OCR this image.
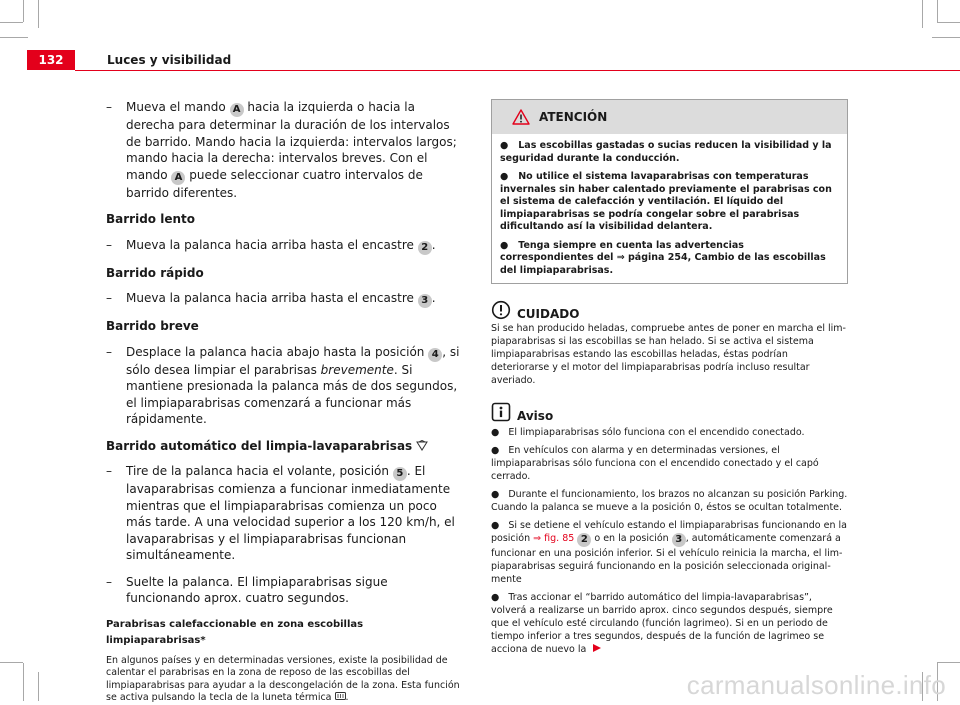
132	Luces y visibilidad
– Mueva el mando A hacia la izquierda o hacia la derecha para determinar la duración de los intervalos de barrido. Mando hacia la izquierda: intervalos largos; mando hacia la derecha: intervalos breves. Con el mando A puede seleccionar cuatro intervalos de barrido diferentes.
Barrido lento
– Mueva la palanca hacia arriba hasta el encastre 2 .
Barrido rápido
– Mueva la palanca hacia arriba hasta el encastre 3 .
Barrido breve
– Desplace la palanca hacia abajo hasta la posición 4 , si sólo desea limpiar el parabrisas brevemente. Si mantiene presionada la palanca más de dos segundos, el limpiaparabrisas comenzará a funcionar más rápidamente.
Barrido automático del limpia-lavaparabrisas
– Tire de la palanca hacia el volante, posición 5 . El lavaparabrisas comienza a funcionar inmediatamente mientras que el limpiaparabrisas comienza un poco más tarde. A una velocidad superior a los 120 km/h, el lavaparabrisas y el limpiaparabrisas funcionan simultáneamente.
– Suelte la palanca. El limpiaparabrisas sigue funcionando aprox. cuatro segundos.
Parabrisas calefaccionable en zona escobillas limpiaparabrisas*
En algunos países y en determinadas versiones, existe la posibilidad de calentar el parabrisas en la zona de reposo de las escobillas del limpiaparabrisas para ayudar a la descongelación de la zona. Esta función se activa pulsando la tecla de la luneta térmica .
ATENCIÓN
● Las escobillas gastadas o sucias reducen la visibilidad y la seguridad durante la conducción.
● No utilice el sistema lavaparabrisas con temperaturas invernales sin haber calentado previamente el parabrisas con el sistema de calefacción y ventilación. El líquido del limpiaparabrisas se podría congelar sobre el parabrisas dificultando así la visibilidad delantera.
● Tenga siempre en cuenta las advertencias correspondientes del ⇒ página 254, Cambio de las escobillas del limpiaparabrisas.
CUIDADO
Si se han producido heladas, compruebe antes de poner en marcha el limpiaparabrisas si las escobillas se han helado. Si se activa el sistema limpiaparabrisas estando las escobillas heladas, éstas podrían deteriorarse y el motor del limpiaparabrisas podría incluso resultar averiado.
Aviso
● El limpiaparabrisas sólo funciona con el encendido conectado.
● En vehículos con alarma y en determinadas versiones, el limpiaparabrisas sólo funciona con el encendido conectado y el capó cerrado.
● Durante el funcionamiento, los brazos no alcanzan su posición Parking. Cuando la palanca se mueve a la posición 0, éstos se ocultan totalmente.
● Si se detiene el vehículo estando el limpiaparabrisas funcionando en la posición ⇒ fig. 85 2 o en la posición 3 , automáticamente comenzará a funcionar en una posición inferior. Si el vehículo reinicia la marcha, el limpiaparabrisas seguirá funcionando en la posición seleccionada originalmente
● Tras accionar el “barrido automático del limpia-lavaparabrisas”, volverá a realizarse un barrido aprox. cinco segundos después, siempre que el vehículo esté circulando (función lagrimeo). Si en un periodo de tiempo inferior a tres segundos, después de la función de lagrimeo se acciona de nuevo la
carmanualsonline.info
